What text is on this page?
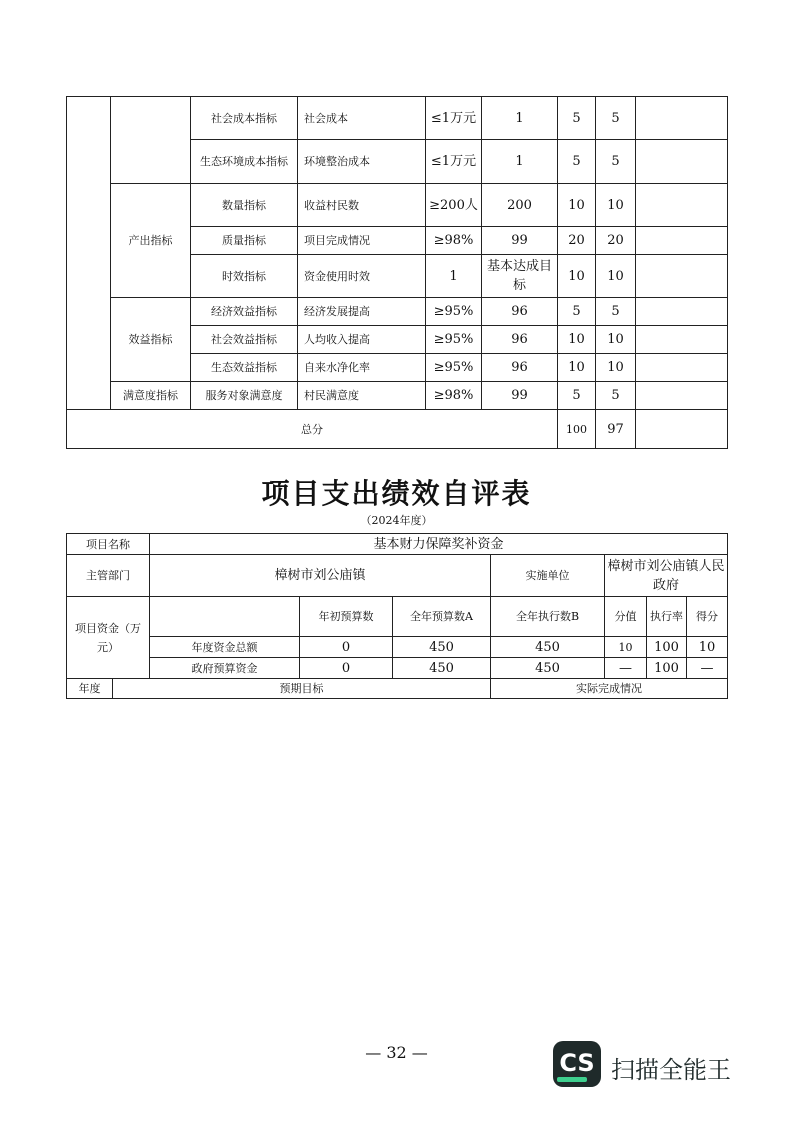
		社会成本指标	社会成本	≤1万元	1	5	5	
		生态环境成本指标	环境整治成本	≤1万元	1	5	5	
	产出指标	数量指标	收益村民数	≥200人	200	10	10	
		质量指标	项目完成情况	≥98%	99	20	20	
		时效指标	资金使用时效	1	基本达成目标	10	10	
	效益指标	经济效益指标	经济发展提高	≥95%	96	5	5	
		社会效益指标	人均收入提高	≥95%	96	10	10	
		生态效益指标	自来水净化率	≥95%	96	10	10	
	满意度指标	服务对象满意度	村民满意度	≥98%	99	5	5	
总分						100	97	
项目支出绩效自评表
（2024年度）
项目名称		基本财力保障奖补资金						
主管部门		樟树市刘公庙镇			实施单位	樟树市刘公庙镇人民政府		
项目资金（万元）			年初预算数	全年预算数A	全年执行数B	分值	执行率	得分
		年度资金总额	0	450	450	10	100	10
		政府预算资金	0	450	450	—	100	—
年度	预期目标				实际完成情况			
— 32 —	CS 扫描全能王
